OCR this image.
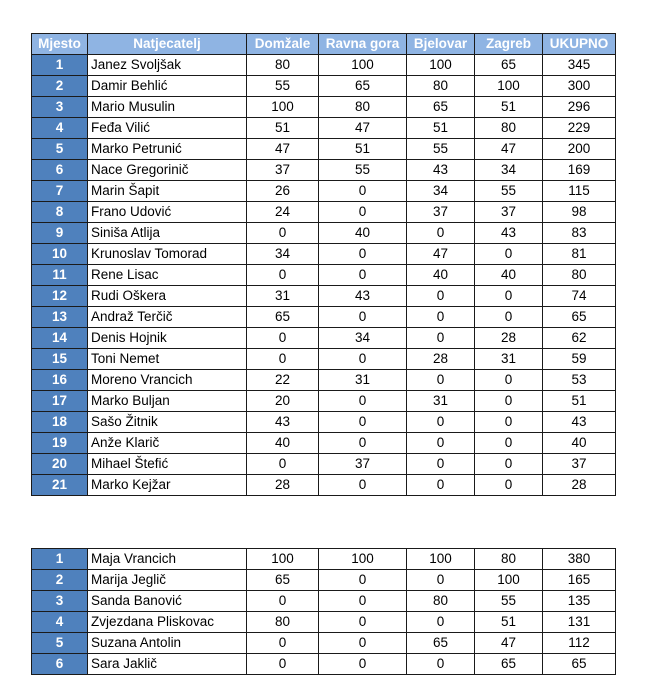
Mjesto	Natjecatelj	Domžale	Ravna gora	Bjelovar	Zagreb	UKUPNO
1	Janez Svoljšak	80	100	100	65	345
2	Damir Behlić	55	65	80	100	300
3	Mario Musulin	100	80	65	51	296
4	Feđa Vilić	51	47	51	80	229
5	Marko Petrunić	47	51	55	47	200
6	Nace Gregorinič	37	55	43	34	169
7	Marin Šapit	26	0	34	55	115
8	Frano Udović	24	0	37	37	98
9	Siniša Atlija	0	40	0	43	83
10	Krunoslav Tomorad	34	0	47	0	81
11	Rene Lisac	0	0	40	40	80
12	Rudi Oškera	31	43	0	0	74
13	Andraž Terčič	65	0	0	0	65
14	Denis Hojnik	0	34	0	28	62
15	Toni Nemet	0	0	28	31	59
16	Moreno Vrancich	22	31	0	0	53
17	Marko Buljan	20	0	31	0	51
18	Sašo Žitnik	43	0	0	0	43
19	Anže Klarič	40	0	0	0	40
20	Mihael Štefić	0	37	0	0	37
21	Marko Kejžar	28	0	0	0	28
1	Maja Vrancich	100	100	100	80	380
2	Marija Jeglič	65	0	0	100	165
3	Sanda Banović	0	0	80	55	135
4	Zvjezdana Pliskovac	80	0	0	51	131
5	Suzana Antolin	0	0	65	47	112
6	Sara Jaklič	0	0	0	65	65
